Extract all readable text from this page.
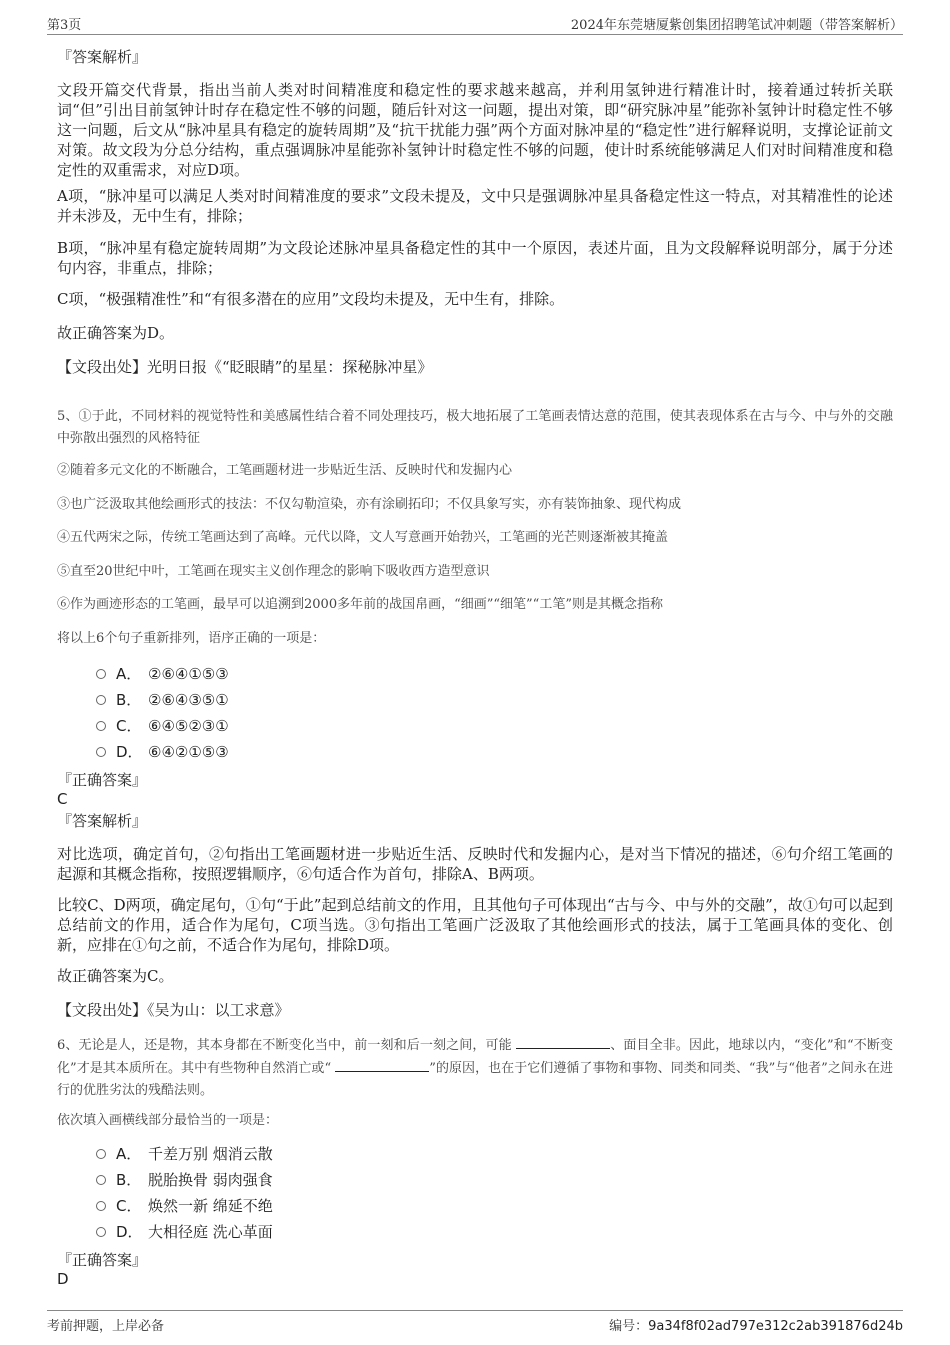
第3页	2024年东莞塘厦紫创集团招聘笔试冲刺题（带答案解析）
『答案解析』
文段开篇交代背景，指出当前人类对时间精准度和稳定性的要求越来越高，并利用氢钟进行精准计时，接着通过转折关联词“但”引出目前氢钟计时存在稳定性不够的问题，随后针对这一问题，提出对策，即“研究脉冲星”能弥补氢钟计时稳定性不够这一问题，后文从“脉冲星具有稳定的旋转周期”及“抗干扰能力强”两个方面对脉冲星的“稳定性”进行解释说明，支撑论证前文对策。故文段为分总分结构，重点强调脉冲星能弥补氢钟计时稳定性不够的问题，使计时系统能够满足人们对时间精准度和稳定性的双重需求，对应D项。
A项，“脉冲星可以满足人类对时间精准度的要求”文段未提及，文中只是强调脉冲星具备稳定性这一特点，对其精准性的论述并未涉及，无中生有，排除；
B项，“脉冲星有稳定旋转周期”为文段论述脉冲星具备稳定性的其中一个原因，表述片面，且为文段解释说明部分，属于分述句内容，非重点，排除；
C项，“极强精准性”和“有很多潜在的应用”文段均未提及，无中生有，排除。
故正确答案为D。
【文段出处】光明日报《“眨眼睛”的星星：探秘脉冲星》
5、①于此，不同材料的视觉特性和美感属性结合着不同处理技巧，极大地拓展了工笔画表情达意的范围，使其表现体系在古与今、中与外的交融中弥散出强烈的风格特征
②随着多元文化的不断融合，工笔画题材进一步贴近生活、反映时代和发掘内心
③也广泛汲取其他绘画形式的技法：不仅勾勒渲染，亦有涂刷拓印；不仅具象写实，亦有装饰抽象、现代构成
④五代两宋之际，传统工笔画达到了高峰。元代以降，文人写意画开始勃兴，工笔画的光芒则逐渐被其掩盖
⑤直至20世纪中叶，工笔画在现实主义创作理念的影响下吸收西方造型意识
⑥作为画迹形态的工笔画，最早可以追溯到2000多年前的战国帛画，“细画”“细笔”“工笔”则是其概念指称
将以上6个句子重新排列，语序正确的一项是：
A． ②⑥④①⑤③
B． ②⑥④③⑤①
C． ⑥④⑤②③①
D． ⑥④②①⑤③
『正确答案』
C
『答案解析』
对比选项，确定首句，②句指出工笔画题材进一步贴近生活、反映时代和发掘内心，是对当下情况的描述，⑥句介绍工笔画的起源和其概念指称，按照逻辑顺序，⑥句适合作为首句，排除A、B两项。
比较C、D两项，确定尾句，①句“于此”起到总结前文的作用，且其他句子可体现出“古与今、中与外的交融”，故①句可以起到总结前文的作用，适合作为尾句，C项当选。③句指出工笔画广泛汲取了其他绘画形式的技法，属于工笔画具体的变化、创新，应排在①句之前，不适合作为尾句，排除D项。
故正确答案为C。
【文段出处】《吴为山：以工求意》
6、无论是人，还是物，其本身都在不断变化当中，前一刻和后一刻之间，可能	、面目全非。因此，地球以内，“变化”和“不断变化”才是其本质所在。其中有些物种自然消亡或“	”的原因，也在于它们遵循了事物和事物、同类和同类、“我”与“他者”之间永在进行的优胜劣汰的残酷法则。
依次填入画横线部分最恰当的一项是：
A． 千差万别 烟消云散
B． 脱胎换骨 弱肉强食
C． 焕然一新 绵延不绝
D． 大相径庭 洗心革面
『正确答案』
D
考前押题，上岸必备	编号：9a34f8f02ad797e312c2ab391876d24b
